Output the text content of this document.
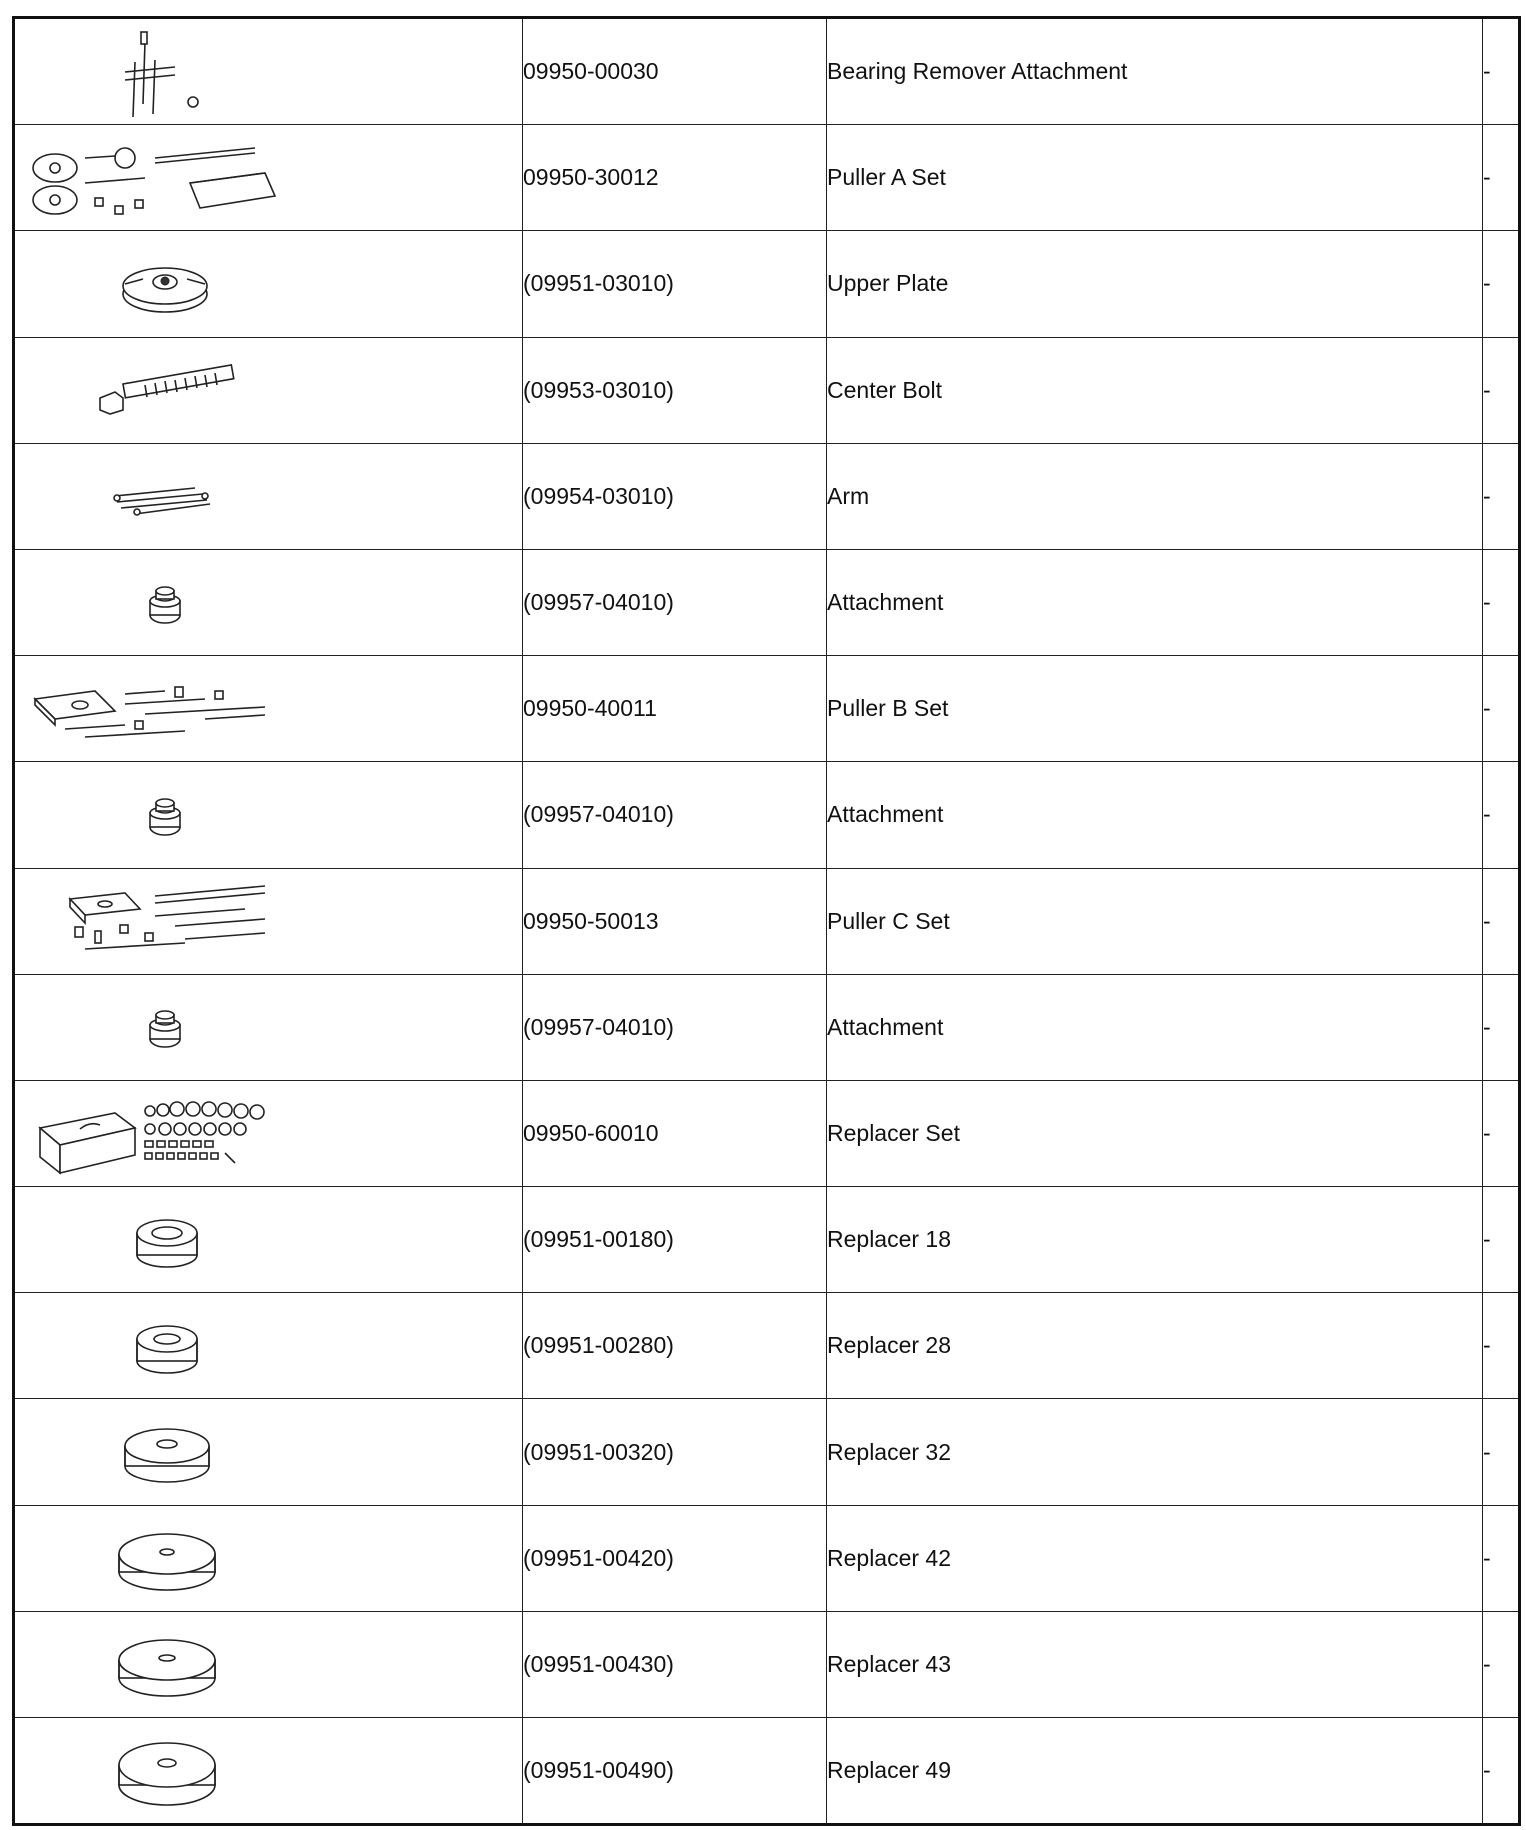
	09950-00030	Bearing Remover Attachment	-

	09950-30012	Puller A Set	-

	(09951-03010)	Upper Plate	-

	(09953-03010)	Center Bolt	-

	(09954-03010)	Arm	-

	(09957-04010)	Attachment	-

	09950-40011	Puller B Set	-

	(09957-04010)	Attachment	-

	09950-50013	Puller C Set	-

	(09957-04010)	Attachment	-

	09950-60010	Replacer Set	-

	(09951-00180)	Replacer 18	-

	(09951-00280)	Replacer 28	-

	(09951-00320)	Replacer 32	-

	(09951-00420)	Replacer 42	-

	(09951-00430)	Replacer 43	-

	(09951-00490)	Replacer 49	-
